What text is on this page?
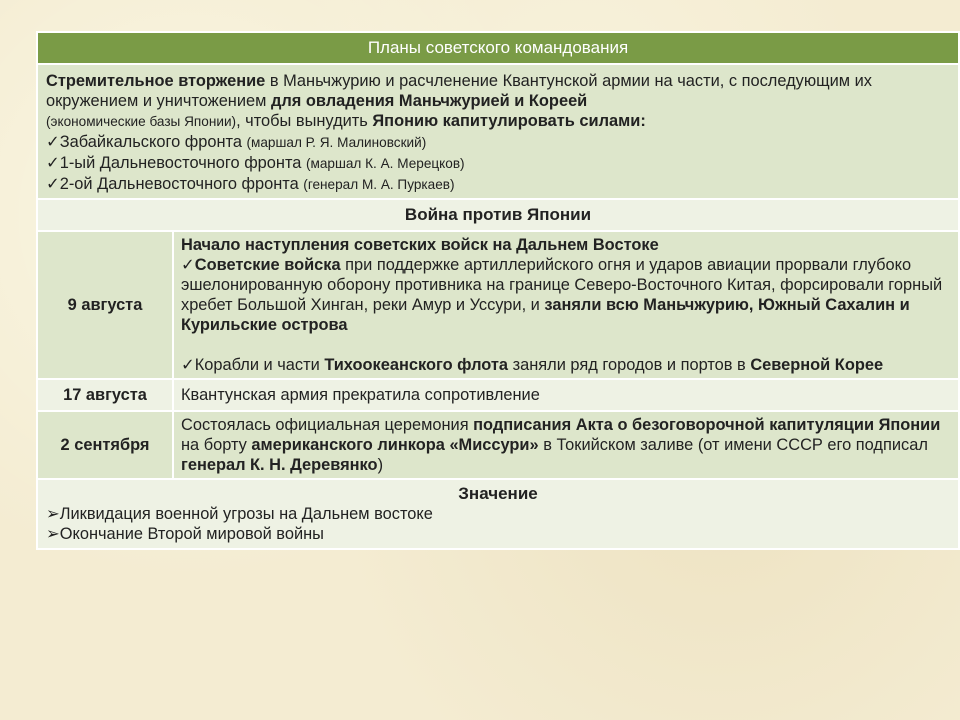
Планы советского командования	
Стремительное вторжение в Маньчжурию и расчленение Квантунской армии на части, с последующим их окружением и уничтожением для овладения Маньчжурией и Кореей
(экономические базы Японии), чтобы вынудить Японию капитулировать силами:
✓Забайкальского фронта (маршал Р. Я. Малиновский)
✓1-ый Дальневосточного фронта (маршал К. А. Мерецков)
✓2-ой Дальневосточного фронта (генерал М. А. Пуркаев)	
Война против Японии	
9 августа	Начало наступления советских войск на Дальнем Востоке
✓Советские войска при поддержке артиллерийского огня и ударов авиации прорвали глубоко эшелонированную оборону противника на границе Северо-Восточного Китая, форсировали горный хребет Большой Хинган, реки Амур и Уссури, и заняли всю Маньчжурию, Южный Сахалин и Курильские острова
✓Корабли и части Тихоокеанского флота заняли ряд городов и портов в Северной Корее
17 августа	Квантунская армия прекратила сопротивление
2 сентября	Состоялась официальная церемония подписания Акта о безоговорочной капитуляции Японии на борту американского линкора «Миссури» в Токийском заливе (от имени СССР его подписал генерал К. Н. Деревянко)

Значение
➢Ликвидация военной угрозы на Дальнем востоке
➢Окончание Второй мировой войны	
